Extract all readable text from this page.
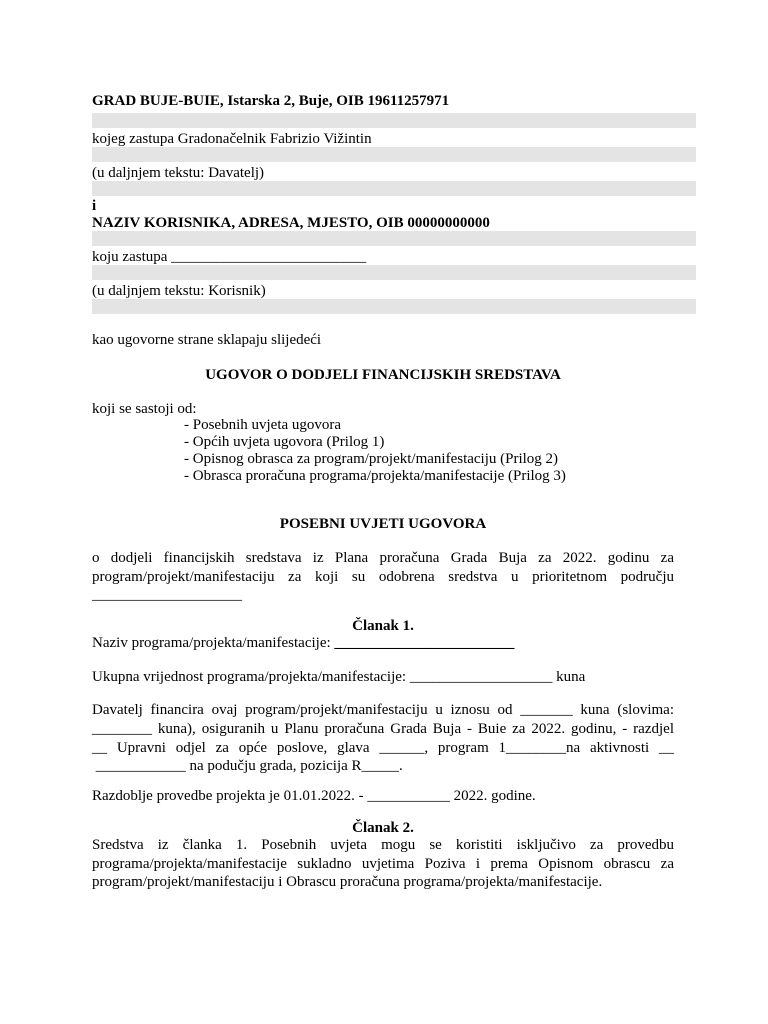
GRAD BUJE-BUIE, Istarska 2, Buje, OIB 19611257971
kojeg zastupa Gradonačelnik Fabrizio Vižintin
(u daljnjem tekstu: Davatelj)
i
NAZIV KORISNIKA, ADRESA, MJESTO, OIB 00000000000
koju zastupa __________________________
(u daljnjem tekstu: Korisnik)
kao ugovorne strane sklapaju slijedeći
UGOVOR O DODJELI FINANCIJSKIH SREDSTAVA
koji se sastoji od:
- Posebnih uvjeta ugovora
- Općih uvjeta ugovora (Prilog 1)
- Opisnog obrasca za program/projekt/manifestaciju (Prilog 2)
- Obrasca proračuna programa/projekta/manifestacije (Prilog 3)
POSEBNI UVJETI UGOVORA
o dodjeli financijskih sredstava iz Plana proračuna Grada Buja za 2022. godinu za
program/projekt/manifestaciju za koji su odobrena sredstva u prioritetnom području
____________________
Članak 1.
Naziv programa/projekta/manifestacije: ________________________
Ukupna vrijednost programa/projekta/manifestacije: ___________________ kuna
Davatelj financira ovaj program/projekt/manifestaciju u iznosu od _______ kuna (slovima:
________ kuna), osiguranih u Planu proračuna Grada Buja - Buie za 2022. godinu, - razdjel
__ Upravni odjel za opće poslove, glava ______, program 1________na aktivnosti __
____________ na podučju grada, pozicija R_____.
Razdoblje provedbe projekta je 01.01.2022. - ___________ 2022. godine.
Članak 2.
Sredstva iz članka 1. Posebnih uvjeta mogu se koristiti isključivo za provedbu
programa/projekta/manifestacije sukladno uvjetima Poziva i prema Opisnom obrascu za
program/projekt/manifestaciju i Obrascu proračuna programa/projekta/manifestacije.
